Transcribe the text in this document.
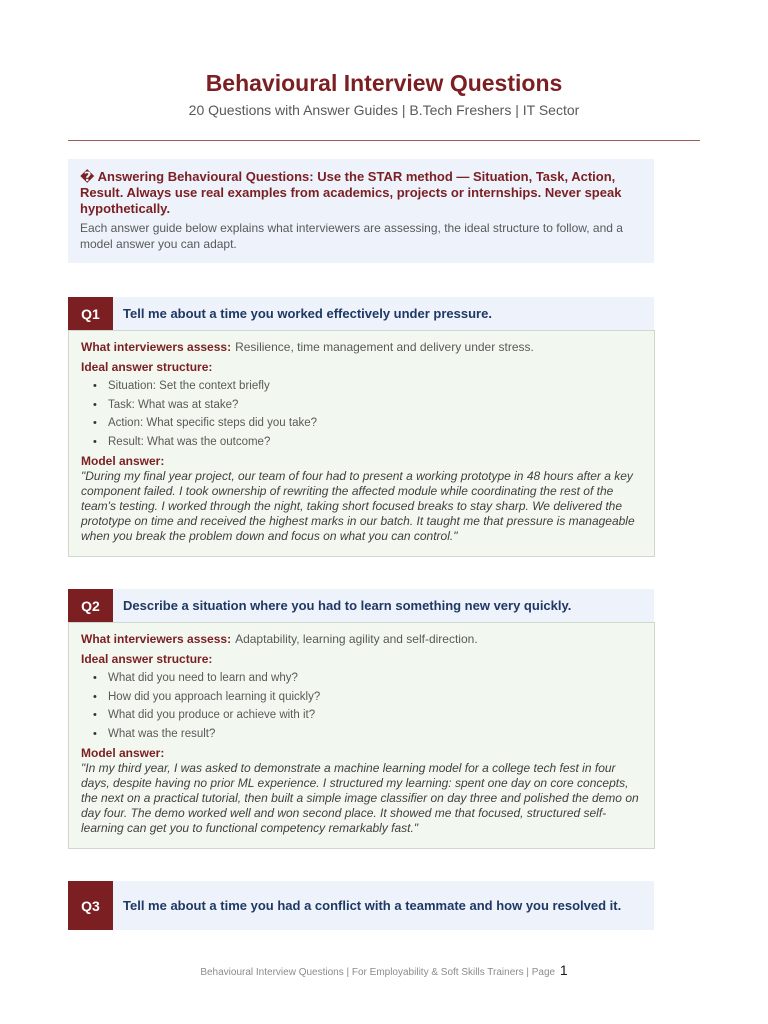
Behavioural Interview Questions
20 Questions with Answer Guides | B.Tech Freshers | IT Sector
� Answering Behavioural Questions: Use the STAR method — Situation, Task, Action, Result. Always use real examples from academics, projects or internships. Never speak hypothetically.
Each answer guide below explains what interviewers are assessing, the ideal structure to follow, and a model answer you can adapt.
Q1	Tell me about a time you worked effectively under pressure.
What interviewers assess: Resilience, time management and delivery under stress.
Ideal answer structure:
• Situation: Set the context briefly
• Task: What was at stake?
• Action: What specific steps did you take?
• Result: What was the outcome?
Model answer:
"During my final year project, our team of four had to present a working prototype in 48 hours after a key component failed. I took ownership of rewriting the affected module while coordinating the rest of the team's testing. I worked through the night, taking short focused breaks to stay sharp. We delivered the prototype on time and received the highest marks in our batch. It taught me that pressure is manageable when you break the problem down and focus on what you can control."
Q2	Describe a situation where you had to learn something new very quickly.
What interviewers assess: Adaptability, learning agility and self-direction.
Ideal answer structure:
• What did you need to learn and why?
• How did you approach learning it quickly?
• What did you produce or achieve with it?
• What was the result?
Model answer:
"In my third year, I was asked to demonstrate a machine learning model for a college tech fest in four days, despite having no prior ML experience. I structured my learning: spent one day on core concepts, the next on a practical tutorial, then built a simple image classifier on day three and polished the demo on day four. The demo worked well and won second place. It showed me that focused, structured self-learning can get you to functional competency remarkably fast."
Q3	Tell me about a time you had a conflict with a teammate and how you resolved it.
Behavioural Interview Questions | For Employability & Soft Skills Trainers | Page 1
